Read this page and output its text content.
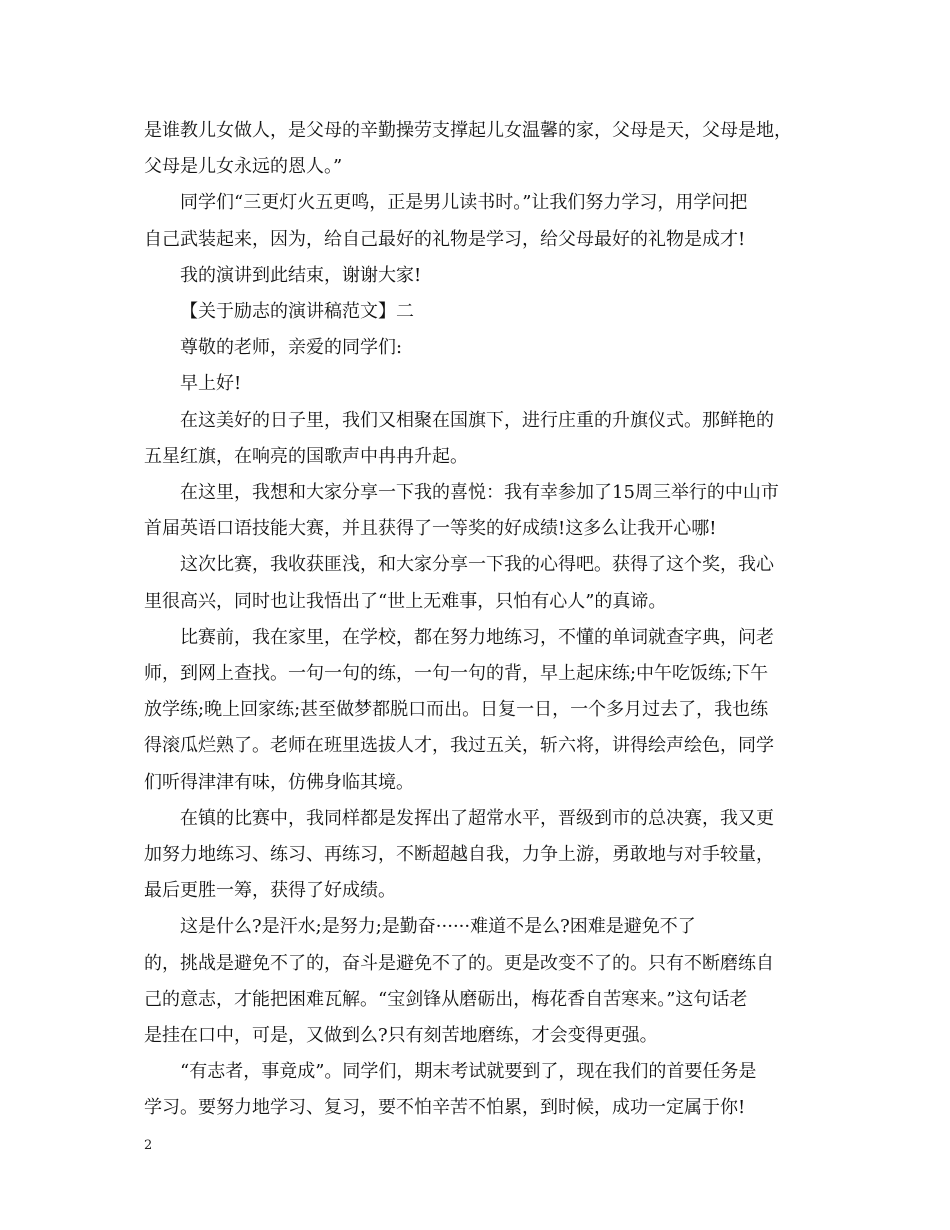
是谁教儿女做人，是父母的辛勤操劳支撑起儿女温馨的家，父母是天，父母是地，

父母是儿女永远的恩人。”

同学们“三更灯火五更鸣，正是男儿读书时。”让我们努力学习，用学问把

自己武装起来，因为，给自己最好的礼物是学习，给父母最好的礼物是成才!

我的演讲到此结束，谢谢大家!

【关于励志的演讲稿范文】二

尊敬的老师，亲爱的同学们:

早上好!

在这美好的日子里，我们又相聚在国旗下，进行庄重的升旗仪式。那鲜艳的

五星红旗，在响亮的国歌声中冉冉升起。

在这里，我想和大家分享一下我的喜悦：我有幸参加了15周三举行的中山市

首届英语口语技能大赛，并且获得了一等奖的好成绩!这多么让我开心哪!

这次比赛，我收获匪浅，和大家分享一下我的心得吧。获得了这个奖，我心

里很高兴，同时也让我悟出了“世上无难事，只怕有心人”的真谛。

比赛前，我在家里，在学校，都在努力地练习，不懂的单词就查字典，问老

师，到网上查找。一句一句的练，一句一句的背，早上起床练;中午吃饭练;下午

放学练;晚上回家练;甚至做梦都脱口而出。日复一日，一个多月过去了，我也练

得滚瓜烂熟了。老师在班里选拔人才，我过五关，斩六将，讲得绘声绘色，同学

们听得津津有味，仿佛身临其境。

在镇的比赛中，我同样都是发挥出了超常水平，晋级到市的总决赛，我又更

加努力地练习、练习、再练习，不断超越自我，力争上游，勇敢地与对手较量，

最后更胜一筹，获得了好成绩。

这是什么?是汗水;是努力;是勤奋······难道不是么?困难是避免不了

的，挑战是避免不了的，奋斗是避免不了的。更是改变不了的。只有不断磨练自

己的意志，才能把困难瓦解。“宝剑锋从磨砺出，梅花香自苦寒来。”这句话老

是挂在口中，可是，又做到么?只有刻苦地磨练，才会变得更强。

“有志者，事竟成”。同学们，期末考试就要到了，现在我们的首要任务是

学习。要努力地学习、复习，要不怕辛苦不怕累，到时候，成功一定属于你!

2
